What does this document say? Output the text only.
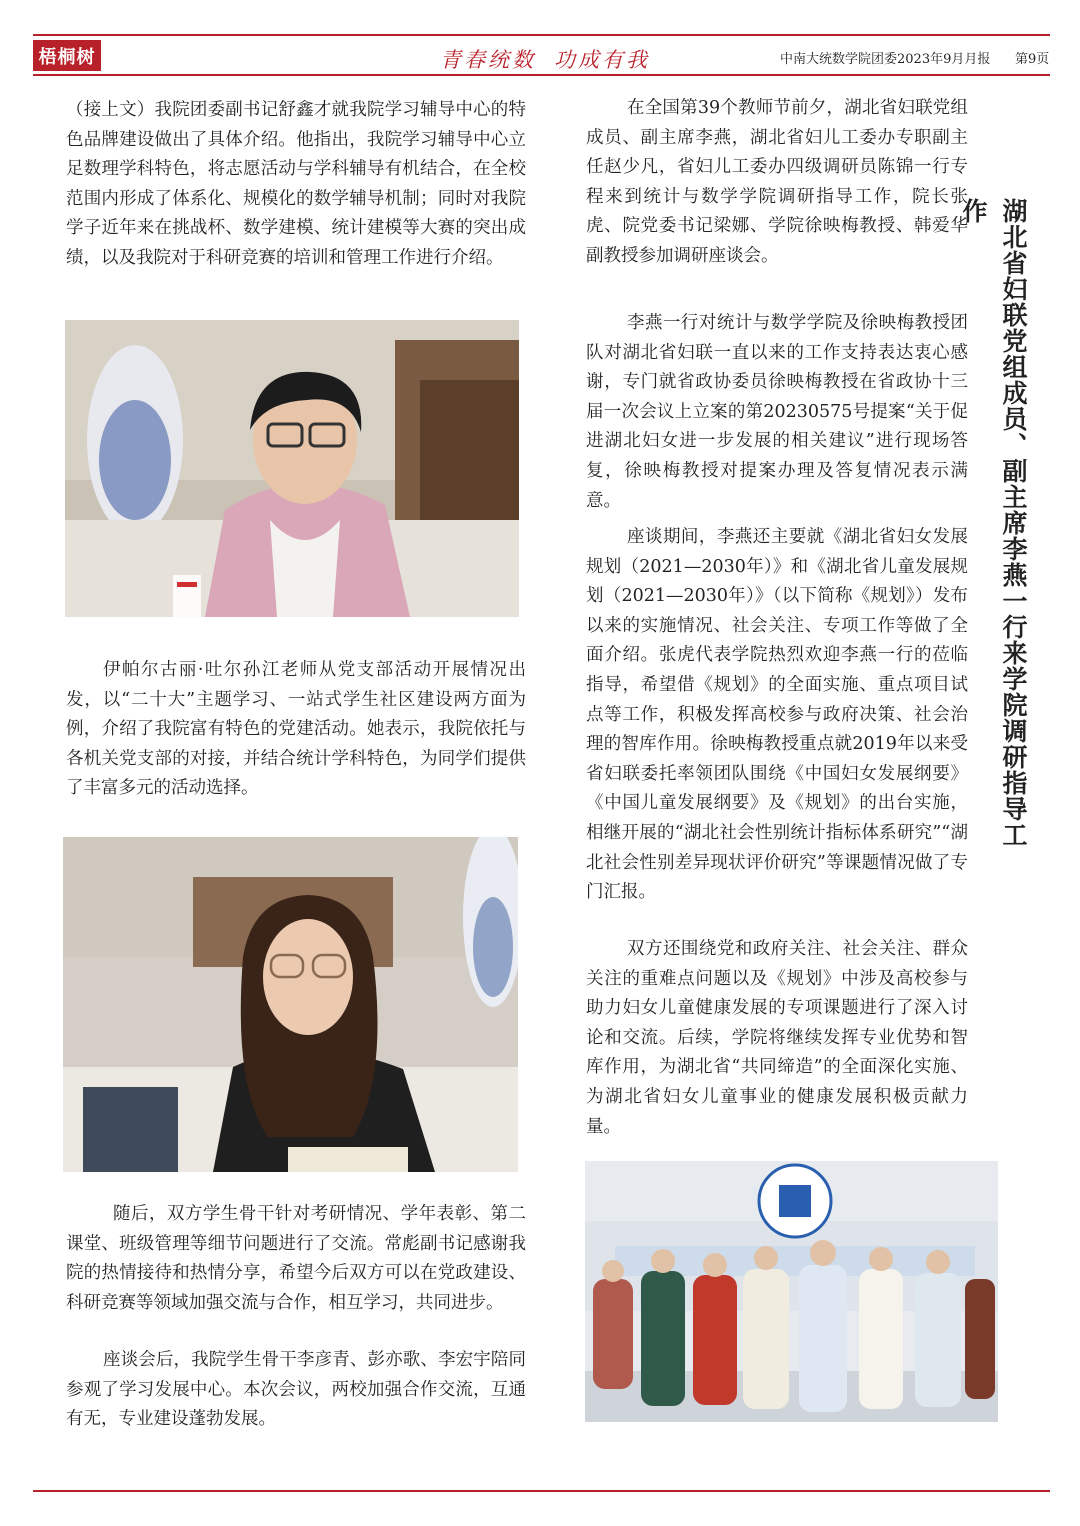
梧桐树	青春统数 功成有我	中南大统数学院团委2023年9月月报 第9页

（接上文）我院团委副书记舒鑫才就我院学习辅导中心的特色品牌建设做出了具体介绍。他指出，我院学习辅导中心立足数理学科特色，将志愿活动与学科辅导有机结合，在全校范围内形成了体系化、规模化的数学辅导机制；同时对我院学子近年来在挑战杯、数学建模、统计建模等大赛的突出成绩，以及我院对于科研竞赛的培训和管理工作进行介绍。

伊帕尔古丽·吐尔孙江老师从党支部活动开展情况出发，以“二十大”主题学习、一站式学生社区建设两方面为例，介绍了我院富有特色的党建活动。她表示，我院依托与各机关党支部的对接，并结合统计学科特色，为同学们提供了丰富多元的活动选择。

随后，双方学生骨干针对考研情况、学年表彰、第二课堂、班级管理等细节问题进行了交流。常彪副书记感谢我院的热情接待和热情分享，希望今后双方可以在党政建设、科研竞赛等领域加强交流与合作，相互学习，共同进步。

座谈会后，我院学生骨干李彦青、彭亦歌、李宏宇陪同参观了学习发展中心。本次会议，两校加强合作交流，互通有无，专业建设蓬勃发展。

在全国第39个教师节前夕，湖北省妇联党组成员、副主席李燕，湖北省妇儿工委办专职副主任赵少凡，省妇儿工委办四级调研员陈锦一行专程来到统计与数学学院调研指导工作，院长张虎、院党委书记梁娜、学院徐映梅教授、韩爱华副教授参加调研座谈会。

李燕一行对统计与数学学院及徐映梅教授团队对湖北省妇联一直以来的工作支持表达衷心感谢，专门就省政协委员徐映梅教授在省政协十三届一次会议上立案的第20230575号提案“关于促进湖北妇女进一步发展的相关建议”进行现场答复，徐映梅教授对提案办理及答复情况表示满意。

座谈期间，李燕还主要就《湖北省妇女发展规划（2021—2030年）》和《湖北省儿童发展规划（2021—2030年）》（以下简称《规划》）发布以来的实施情况、社会关注、专项工作等做了全面介绍。张虎代表学院热烈欢迎李燕一行的莅临指导，希望借《规划》的全面实施、重点项目试点等工作，积极发挥高校参与政府决策、社会治理的智库作用。徐映梅教授重点就2019年以来受省妇联委托率领团队围绕《中国妇女发展纲要》《中国儿童发展纲要》及《规划》的出台实施，相继开展的“湖北社会性别统计指标体系研究”“湖北社会性别差异现状评价研究”等课题情况做了专门汇报。

双方还围绕党和政府关注、社会关注、群众关注的重难点问题以及《规划》中涉及高校参与助力妇女儿童健康发展的专项课题进行了深入讨论和交流。后续，学院将继续发挥专业优势和智库作用，为湖北省“共同缔造”的全面深化实施、为湖北省妇女儿童事业的健康发展积极贡献力量。

湖北省妇联党组成员、副主席李燕一行来学院调研指导工作
